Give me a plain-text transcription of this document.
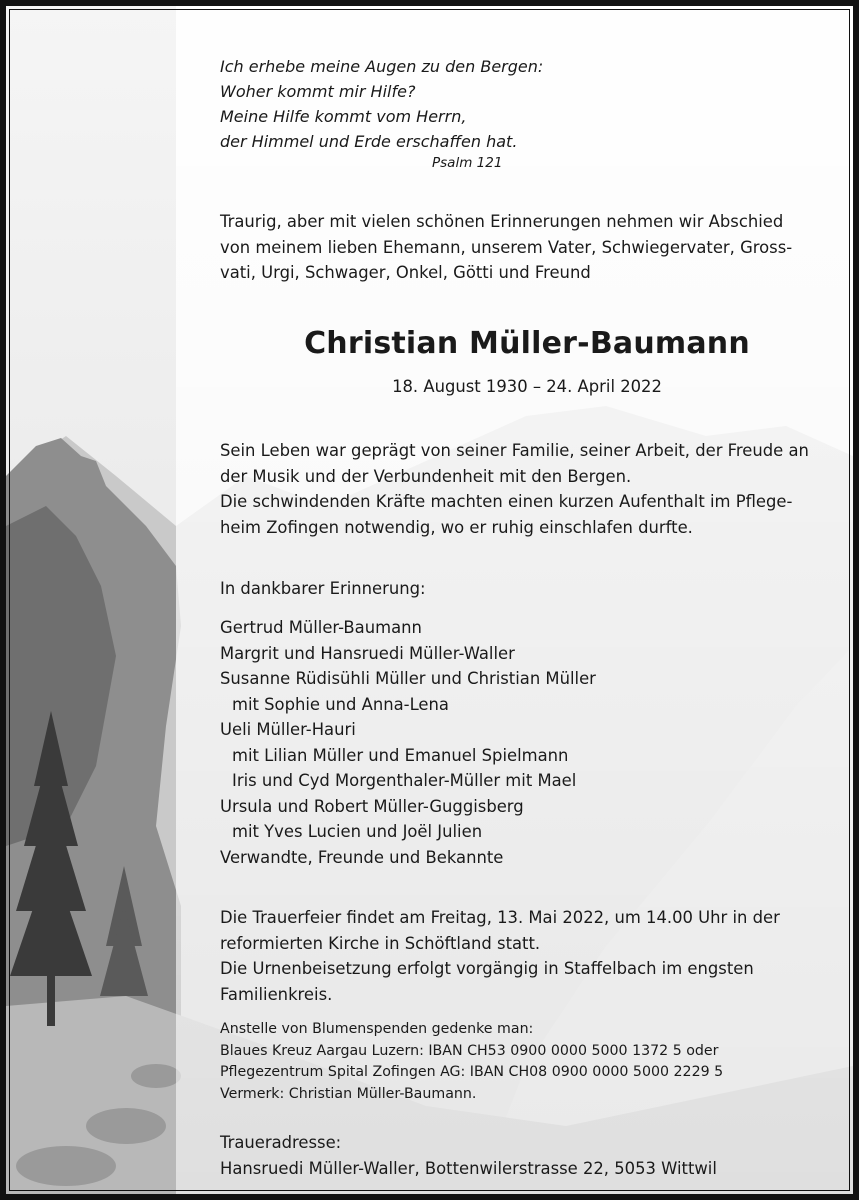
Ich erhebe meine Augen zu den Bergen:
Woher kommt mir Hilfe?
Meine Hilfe kommt vom Herrn,
der Himmel und Erde erschaffen hat.
Psalm 121
Traurig, aber mit vielen schönen Erinnerungen nehmen wir Abschied
von meinem lieben Ehemann, unserem Vater, Schwiegervater, Gross-
vati, Urgi, Schwager, Onkel, Götti und Freund
Christian Müller-Baumann
18. August 1930 – 24. April 2022
Sein Leben war geprägt von seiner Familie, seiner Arbeit, der Freude an
der Musik und der Verbundenheit mit den Bergen.
Die schwindenden Kräfte machten einen kurzen Aufenthalt im Pflege-
heim Zofingen notwendig, wo er ruhig einschlafen durfte.
In dankbarer Erinnerung:
Gertrud Müller-Baumann
Margrit und Hansruedi Müller-Waller
Susanne Rüdisühli Müller und Christian Müller
mit Sophie und Anna-Lena
Ueli Müller-Hauri
mit Lilian Müller und Emanuel Spielmann
Iris und Cyd Morgenthaler-Müller mit Mael
Ursula und Robert Müller-Guggisberg
mit Yves Lucien und Joël Julien
Verwandte, Freunde und Bekannte
Die Trauerfeier findet am Freitag, 13. Mai 2022, um 14.00 Uhr in der
reformierten Kirche in Schöftland statt.
Die Urnenbeisetzung erfolgt vorgängig in Staffelbach im engsten
Familienkreis.
Anstelle von Blumenspenden gedenke man:
Blaues Kreuz Aargau Luzern: IBAN CH53 0900 0000 5000 1372 5 oder
Pflegezentrum Spital Zofingen AG: IBAN CH08 0900 0000 5000 2229 5
Vermerk: Christian Müller-Baumann.
Traueradresse:
Hansruedi Müller-Waller, Bottenwilerstrasse 22, 5053 Wittwil
